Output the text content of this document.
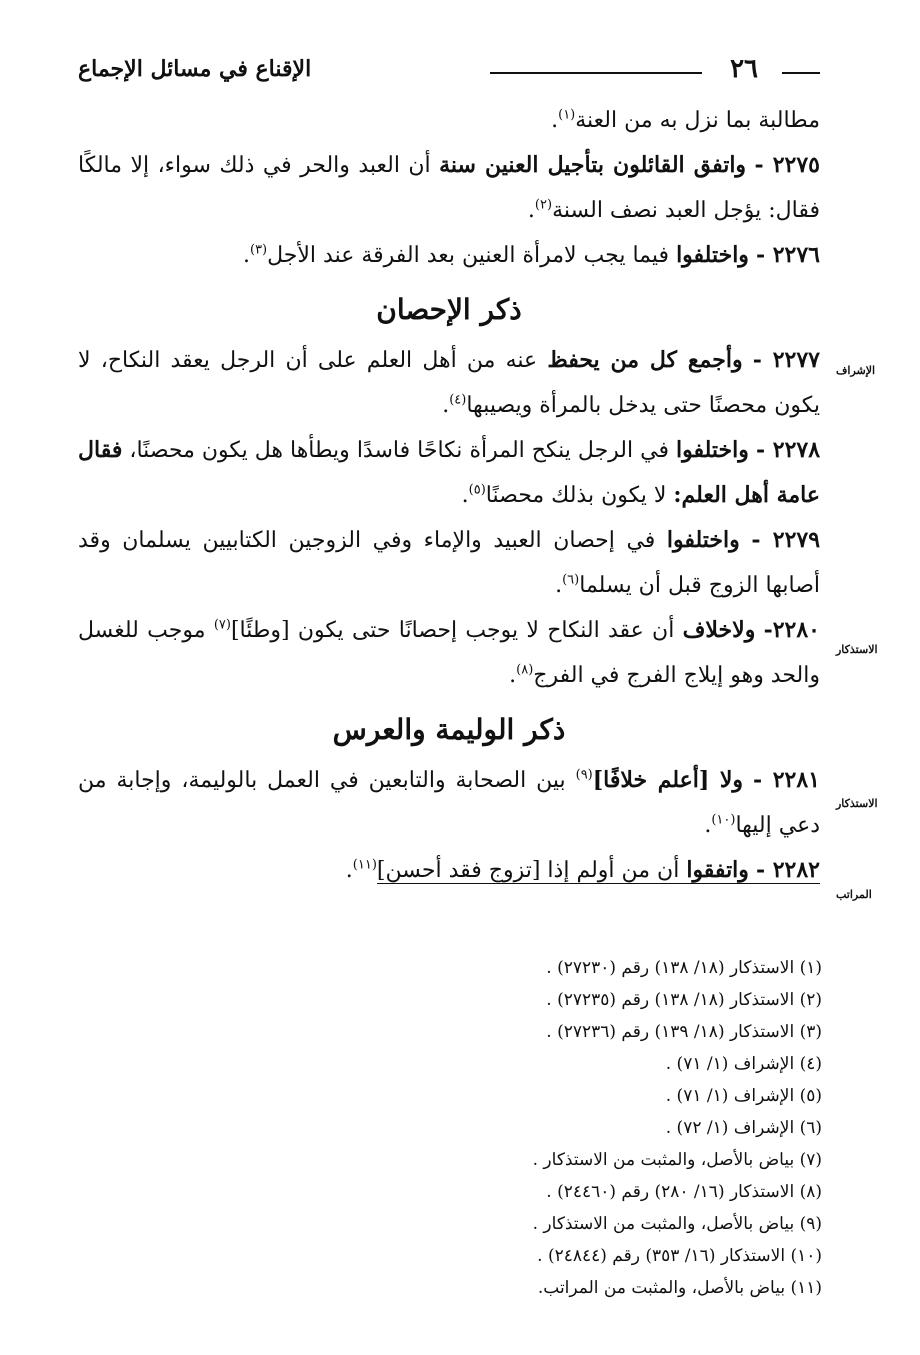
٢٦
الإقناع في مسائل الإجماع

مطالبة بما نزل به من العنة$^{(١)}$.

٢٢٧٥ - واتفق القائلون بتأجيل العنين سنة أن العبد والحر في ذلك سواء، إلا مالكًا فقال: يؤجل العبد نصف السنة$^{(٢)}$.

٢٢٧٦ - واختلفوا فيما يجب لامرأة العنين بعد الفرقة عند الأجل$^{(٣)}$.

ذكر الإحصان

٢٢٧٧ - وأجمع كل من يحفظ عنه من أهل العلم على أن الرجل يعقد النكاح، لا يكون محصنًا حتى يدخل بالمرأة ويصيبها$^{(٤)}$.

٢٢٧٨ - واختلفوا في الرجل ينكح المرأة نكاحًا فاسدًا ويطأها هل يكون محصنًا، فقال عامة أهل العلم: لا يكون بذلك محصنًا$^{(٥)}$.

٢٢٧٩ - واختلفوا في إحصان العبيد والإماء وفي الزوجين الكتابيين يسلمان وقد أصابها الزوج قبل أن يسلما$^{(٦)}$.

٢٢٨٠- ولاخلاف أن عقد النكاح لا يوجب إحصانًا حتى يكون [وطئًا]$^{(٧)}$ موجب للغسل والحد وهو إيلاج الفرج في الفرج$^{(٨)}$.

ذكر الوليمة والعرس

٢٢٨١ - ولا [أعلم خلافًا]$^{(٩)}$ بين الصحابة والتابعين في العمل بالوليمة، وإجابة من دعي إليها$^{(١٠)}$.

٢٢٨٢ - واتفقوا أن من أولم إذا [تزوج فقد أحسن]$^{(١١)}$.

الإشراف
الاستذكار
الاستذكار
المراتب
(١) الاستذكار (١٨/ ١٣٨) رقم (٢٧٢٣٠) .
(٢) الاستذكار (١٨/ ١٣٨) رقم (٢٧٢٣٥) .
(٣) الاستذكار (١٨/ ١٣٩) رقم (٢٧٢٣٦) .
(٤) الإشراف (١/ ٧١) .
(٥) الإشراف (١/ ٧١) .
(٦) الإشراف (١/ ٧٢) .
(٧) بياض بالأصل، والمثبت من الاستذكار .
(٨) الاستذكار (١٦/ ٢٨٠) رقم (٢٤٤٦٠) .
(٩) بياض بالأصل، والمثبت من الاستذكار .
(١٠) الاستذكار (١٦/ ٣٥٣) رقم (٢٤٨٤٤) .
(١١) بياض بالأصل، والمثبت من المراتب.
